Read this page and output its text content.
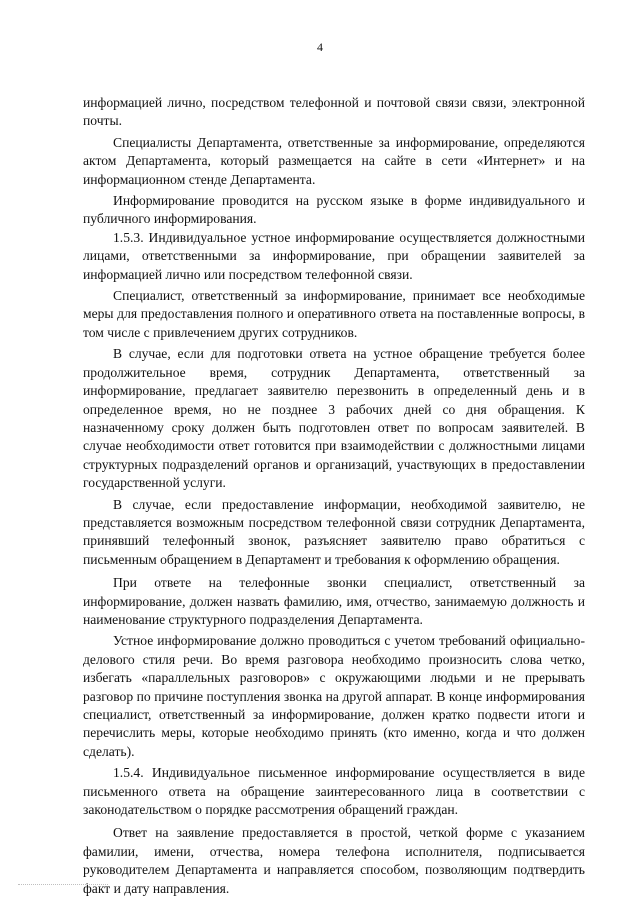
4

информацией лично, посредством телефонной и почтовой связи связи, электронной почты.

Специалисты Департамента, ответственные за информирование, определяются актом Департамента, который размещается на сайте в сети «Интернет» и на информационном стенде Департамента.

Информирование проводится на русском языке в форме индивидуального и публичного информирования.

1.5.3. Индивидуальное устное информирование осуществляется должностными лицами, ответственными за информирование, при обращении заявителей за информацией лично или посредством телефонной связи.

Специалист, ответственный за информирование, принимает все необходимые меры для предоставления полного и оперативного ответа на поставленные вопросы, в том числе с привлечением других сотрудников.

В случае, если для подготовки ответа на устное обращение требуется более продолжительное время, сотрудник Департамента, ответственный за информирование, предлагает заявителю перезвонить в определенный день и в определенное время, но не позднее 3 рабочих дней со дня обращения. К назначенному сроку должен быть подготовлен ответ по вопросам заявителей. В случае необходимости ответ готовится при взаимодействии с должностными лицами структурных подразделений органов и организаций, участвующих в предоставлении государственной услуги.

В случае, если предоставление информации, необходимой заявителю, не представляется возможным посредством телефонной связи сотрудник Департамента, принявший телефонный звонок, разъясняет заявителю право обратиться с письменным обращением в Департамент и требования к оформлению обращения.

При ответе на телефонные звонки специалист, ответственный за информирование, должен назвать фамилию, имя, отчество, занимаемую должность и наименование структурного подразделения Департамента.

Устное информирование должно проводиться с учетом требований официально-делового стиля речи. Во время разговора необходимо произносить слова четко, избегать «параллельных разговоров» с окружающими людьми и не прерывать разговор по причине поступления звонка на другой аппарат. В конце информирования специалист, ответственный за информирование, должен кратко подвести итоги и перечислить меры, которые необходимо принять (кто именно, когда и что должен сделать).

1.5.4. Индивидуальное письменное информирование осуществляется в виде письменного ответа на обращение заинтересованного лица в соответствии с законодательством о порядке рассмотрения обращений граждан.

Ответ на заявление предоставляется в простой, четкой форме с указанием фамилии, имени, отчества, номера телефона исполнителя, подписывается руководителем Департамента и направляется способом, позволяющим подтвердить факт и дату направления.
